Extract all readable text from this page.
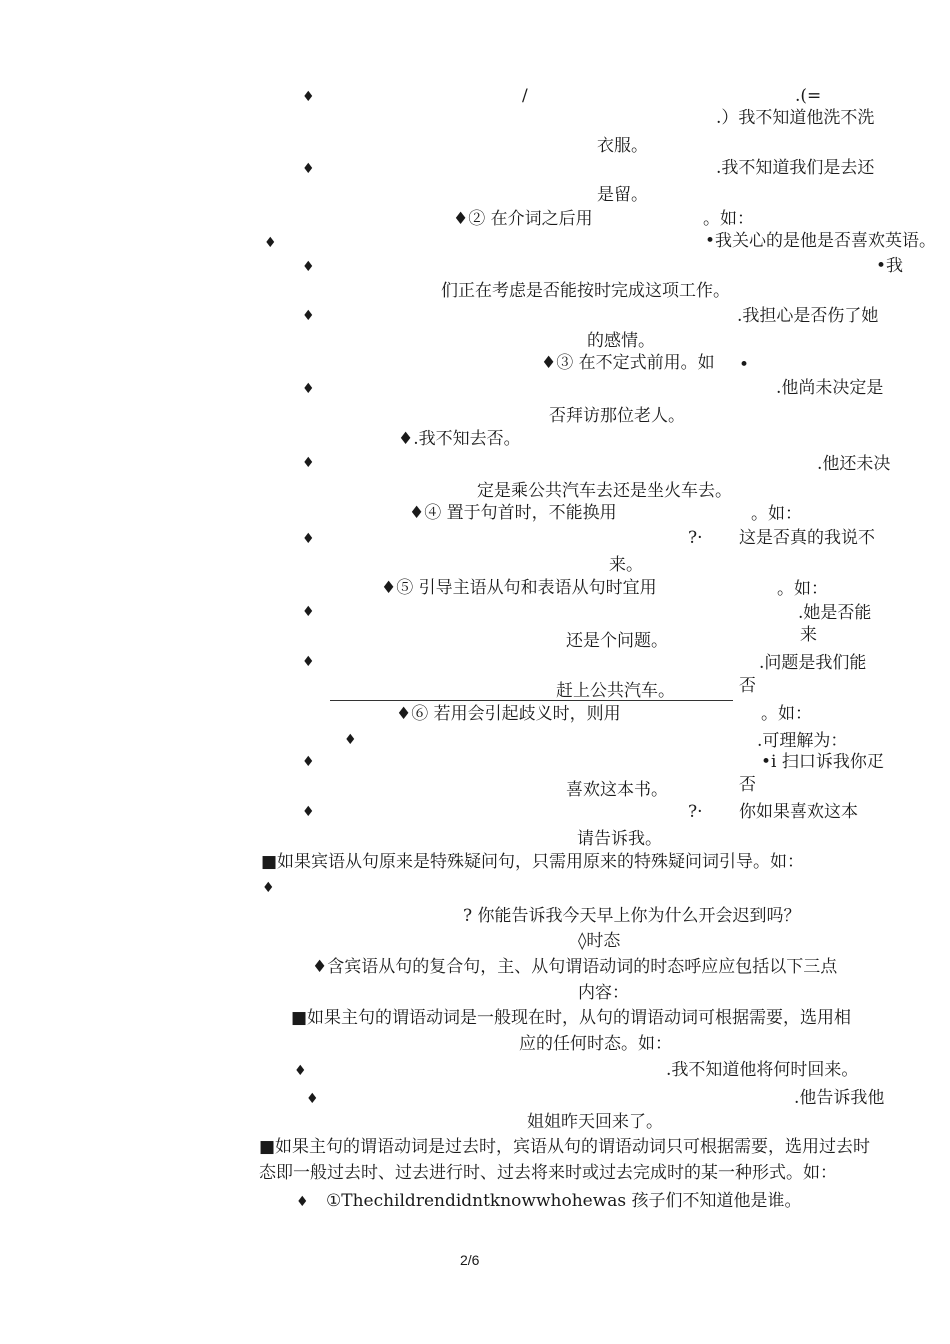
♦
♦
♦
♦
♦
♦
♦
♦
♦
♦
♦
♦
♦
♦
♦
♦
♦
/	.(=
.）我不知道他洗不洗
衣服。
.我不知道我们是去还
是留。
♦② 在介词之后用	。如：
•我关心的是他是否喜欢英语。
•我
们正在考虑是否能按时完成这项工作。
.我担心是否伤了她
的感情。
♦③ 在不定式前用。如 •
.他尚未决定是
否拜访那位老人。
♦.我不知去否。
.他还未决
定是乘公共汽车去还是坐火车去。
♦④ 置于句首时，不能换用	。如：
?· 这是否真的我说不
来。
♦⑤ 引导主语从句和表语从句时宜用	。如：
.她是否能
来
还是个问题。
.问题是我们能
否
赶上公共汽车。
♦⑥ 若用会引起歧义时，则用	。如：
.可理解为：
•i 扫口诉我你疋
否
喜欢这本书。
?· 你如果喜欢这本
请告诉我。
■如果宾语从句原来是特殊疑问句，只需用原来的特殊疑问词引导。如：
? 你能告诉我今天早上你为什么开会迟到吗？
◊时态
♦含宾语从句的复合句，主、从句谓语动词的时态呼应应包括以下三点
内容：
■如果主句的谓语动词是一般现在时，从句的谓语动词可根据需要，选用相
应的任何时态。如：
.我不知道他将何时回来。
.他告诉我他
姐姐昨天回来了。
■如果主句的谓语动词是过去时，宾语从句的谓语动词只可根据需要，选用过去时
态即一般过去时、过去进行时、过去将来时或过去完成时的某一种形式。如：
①Thechildrendidntknowwhohewas 孩子们不知道他是谁。
2/6
